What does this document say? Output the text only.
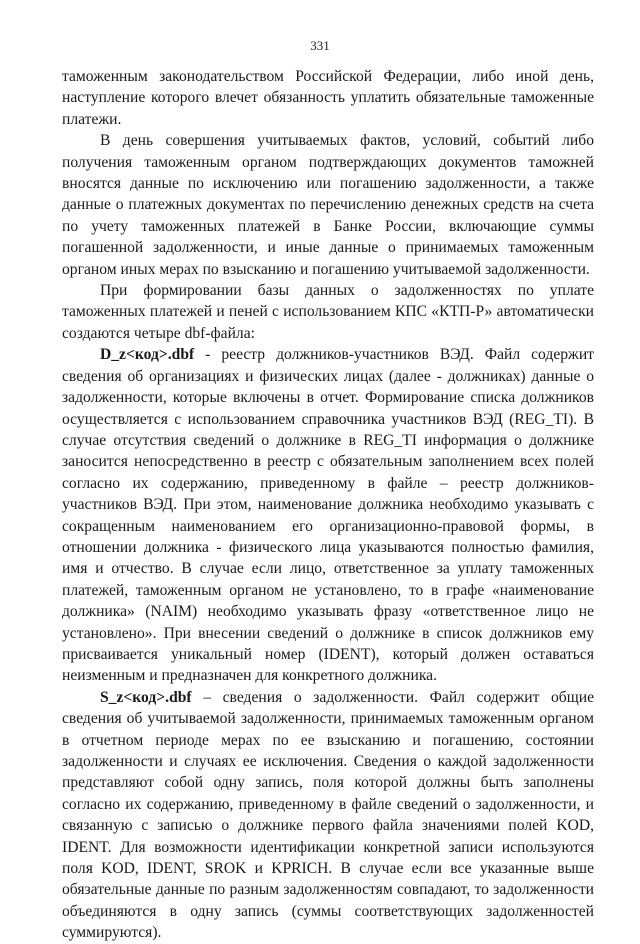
331

таможенным законодательством Российской Федерации, либо иной день, наступление которого влечет обязанность уплатить обязательные таможенные платежи.

В день совершения учитываемых фактов, условий, событий либо получения таможенным органом подтверждающих документов таможней вносятся данные по исключению или погашению задолженности, а также данные о платежных документах по перечислению денежных средств на счета по учету таможенных платежей в Банке России, включающие суммы погашенной задолженности, и иные данные о принимаемых таможенным органом иных мерах по взысканию и погашению учитываемой задолженности.

При формировании базы данных о задолженностях по уплате таможенных платежей и пеней с использованием КПС «КТП-Р» автоматически создаются четыре dbf-файла:

D_z<код>.dbf - реестр должников-участников ВЭД. Файл содержит сведения об организациях и физических лицах (далее - должниках) данные о задолженности, которые включены в отчет. Формирование списка должников осуществляется с использованием справочника участников ВЭД (REG_TI). В случае отсутствия сведений о должнике в REG_TI информация о должнике заносится непосредственно в реестр с обязательным заполнением всех полей согласно их содержанию, приведенному в файле – реестр должников-участников ВЭД. При этом, наименование должника необходимо указывать с сокращенным наименованием его организационно-правовой формы, в отношении должника - физического лица указываются полностью фамилия, имя и отчество. В случае если лицо, ответственное за уплату таможенных платежей, таможенным органом не установлено, то в графе «наименование должника» (NAIM) необходимо указывать фразу «ответственное лицо не установлено». При внесении сведений о должнике в список должников ему присваивается уникальный номер (IDENT), который должен оставаться неизменным и предназначен для конкретного должника.

S_z<код>.dbf – сведения о задолженности. Файл содержит общие сведения об учитываемой задолженности, принимаемых таможенным органом в отчетном периоде мерах по ее взысканию и погашению, состоянии задолженности и случаях ее исключения. Сведения о каждой задолженности представляют собой одну запись, поля которой должны быть заполнены согласно их содержанию, приведенному в файле сведений о задолженности, и связанную с записью о должнике первого файла значениями полей KOD, IDENT. Для возможности идентификации конкретной записи используются поля KOD, IDENT, SROK и KPRICH. В случае если все указанные выше обязательные данные по разным задолженностям совпадают, то задолженности объединяются в одну запись (суммы соответствующих задолженностей суммируются).
